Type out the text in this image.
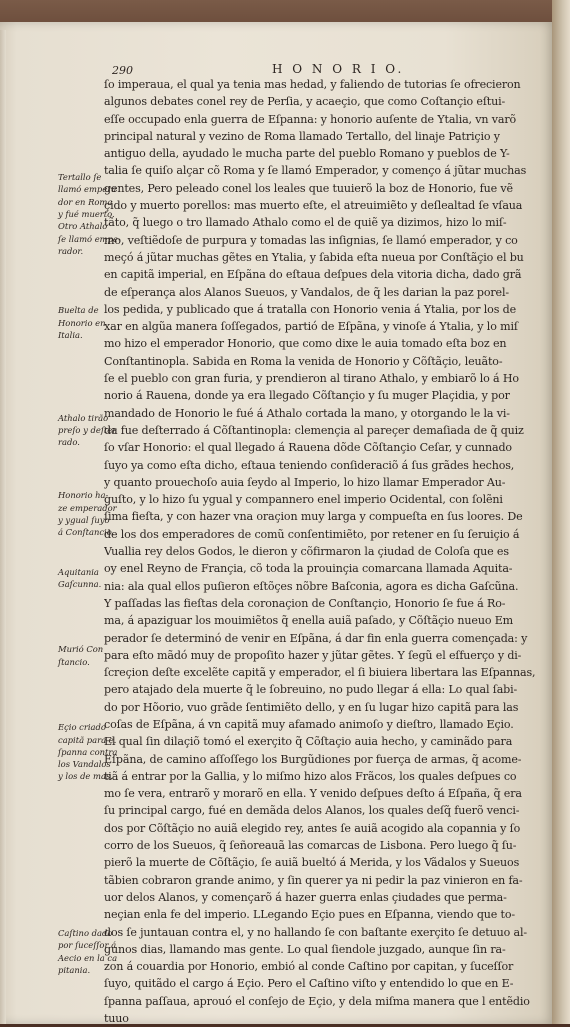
290	H O N O R I O.
ſo imperaua, el qual ya tenia mas hedad, y faliendo de tutorias ſe ofrecieron
algunos debates conel rey de Perſia, y acaeçio, que como Coſtançio eſtui-
eſſe occupado enla guerra de Eſpanna: y honorio auſente de Ytalia, vn varõ
principal natural y vezino de Roma llamado Tertallo, del linaje Patriçio y
antiguo della, ayudado le mucha parte del pueblo Romano y pueblos de Y-
talia ſe quiſo alçar cõ Roma y ſe llamó Emperador, y començo á jũtar muchas
gentes, Pero peleado conel los leales que tuuierõ la boz de Honorio, fue vẽ
çido y muerto porellos: mas muerto eſte, el atreuimiẽto y deſlealtad ſe vſaua
tãto, q̃ luego o tro llamado Athalo como el de quiẽ ya dizimos, hizo lo miſ-
mo, veſtiẽdoſe de purpura y tomadas las inſignias, ſe llamó emperador, y co
meçó á jũtar muchas gẽtes en Ytalia, y ſabida eſta nueua por Conſtãçio el bu
en capitã imperial, en Eſpãna do eſtaua deſpues dela vitoria dicha, dado grã
de eſperança alos Alanos Sueuos, y Vandalos, de q̃ les darian la paz porel-
los pedida, y publicado que á tratalla con Honorio venia á Ytalia, por los de
xar en algũa manera ſoſſegados, partió de Eſpãna, y vinoſe á Ytalia, y lo miſ
mo hizo el emperador Honorio, que como dixe le auia tomado eſta boz en
Conſtantinopla. Sabida en Roma la venida de Honorio y Cõſtãçio, leuãto-
ſe el pueblo con gran furia, y prendieron al tirano Athalo, y embiarõ lo á Ho
norio á Rauena, donde ya era llegado Cõſtançio y ſu muger Plaçidia, y por
mandado de Honorio le fué á Athalo cortada la mano, y otorgando le la vi-
da fue deſterrado á Cõſtantinopla: clemençia al pareçer demaſiada de q̃ quiz
ſo vſar Honorio: el qual llegado á Rauena dõde Cõſtançio Ceſar, y cunnado
ſuyo ya como eſta dicho, eſtaua teniendo conſideraciõ á ſus grãdes hechos,
y quanto prouechoſo auia ſeydo al Imperio, lo hizo llamar Emperador Au-
guſto, y lo hizo ſu ygual y compannero enel imperio Ocidental, con ſolẽni
ſima fieſta, y con hazer vna oraçion muy larga y compueſta en ſus loores. De
de los dos emperadores de comũ conſentimiẽto, por retener en ſu ſeruiçio á
Vuallia rey delos Godos, le dieron y cõfirmaron la çiudad de Coloſa que es
oy enel Reyno de Françia, cõ toda la prouinçia comarcana llamada Aquita-
nia: ala qual ellos puſieron eſtõçes nõbre Baſconia, agora es dicha Gaſcũna.
Y paſſadas las fieſtas dela coronaçion de Conſtançio, Honorio ſe fue á Ro-
ma, á apaziguar los mouimiẽtos q̃ enella auiã paſado, y Cõſtãçio nueuo Em
perador ſe determinó de venir en Eſpãna, á dar fin enla guerra començada: y
para eſto mãdó muy de propoſito hazer y jũtar gẽtes. Y ſegũ el eſfuerço y di-
ſcreçion deſte excelẽte capitã y emperador, el ſi biuiera libertara las Eſpannas,
pero atajado dela muerte q̃ le ſobreuino, no pudo llegar á ella: Lo qual ſabi-
do por Hõorio, vuo grãde ſentimiẽto dello, y en ſu lugar hizo capitã para las
coſas de Eſpãna, á vn capitã muy afamado animoſo y dieſtro, llamado Eçio.
El qual ſin dilaçiõ tomó el exerçito q̃ Cõſtaçio auia hecho, y caminãdo para
Eſpãna, de camino aſſoſſego los Burgũdiones por fuerça de armas, q̃ acome-
tiã á entrar por la Gallia, y lo miſmo hizo alos Frãcos, los quales deſpues co
mo ſe vera, entrarõ y morarõ en ella. Y venido deſpues deſto á Eſpaña, q̃ era
ſu principal cargo, fué en demãda delos Alanos, los quales deſq̃ fuerõ venci-
dos por Cõſtãçio no auiã elegido rey, antes ſe auiã acogido ala copannia y ſo
corro de los Sueuos, q̃ ſeñoreauã las comarcas de Lisbona. Pero luego q̃ ſu-
pierõ la muerte de Cõſtãçio, ſe auiã bueltó á Merida, y los Vãdalos y Sueuos
tãbien cobraron grande animo, y ſin querer ya ni pedir la paz vinieron en fa-
uor delos Alanos, y començarõ á hazer guerra enlas çiudades que perma-
neçian enla fe del imperio. LLegando Eçio pues en Eſpanna, viendo que to-
dos ſe juntauan contra el, y no hallando ſe con baſtante exerçito ſe detuuo al-
gunos dias, llamando mas gente. Lo qual ſiendole juzgado, aunque ſin ra-
zon á couardia por Honorio, embió al conde Caſtino por capitan, y ſuceſſor
ſuyo, quitãdo el cargo á Eçio. Pero el Caſtino viſto y entendido lo que en E-
ſpanna paſſaua, aprouó el conſejo de Eçio, y dela miſma manera que l entẽdio
tuuo
Tertallo ſe
llamó empera
dor en Roma
y fué muerto.
Otro Athalo
ſe llamó empe-
rador.
Buelta de
Honorio en
Italia.
Athalo tirão
preſo y deſter
rado.
Honorio ha-
ze emperador
y ygual ſuyo
á Conſtancio.
Aquitania
Gaſcunna.
Murió Con
ſtancio.
Eçio criado
capitã para e.
ſpanna contra
los Vandalos
y los de mas.
Caſtino dado
por ſuceſſor á
Aecio en la ca
pitania.
